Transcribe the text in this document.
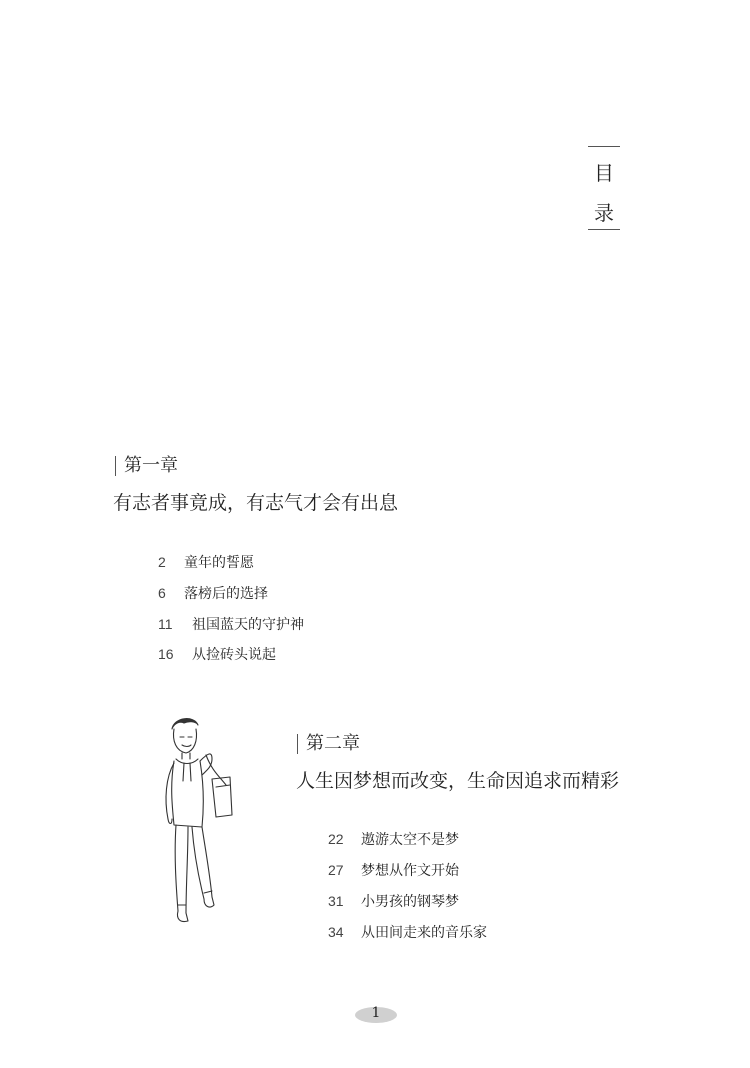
目
录
第一章
有志者事竟成，有志气才会有出息
2 童年的誓愿
6 落榜后的选择
11 祖国蓝天的守护神
16 从捡砖头说起
第二章
人生因梦想而改变，生命因追求而精彩
22 遨游太空不是梦
27 梦想从作文开始
31 小男孩的钢琴梦
34 从田间走来的音乐家
1
